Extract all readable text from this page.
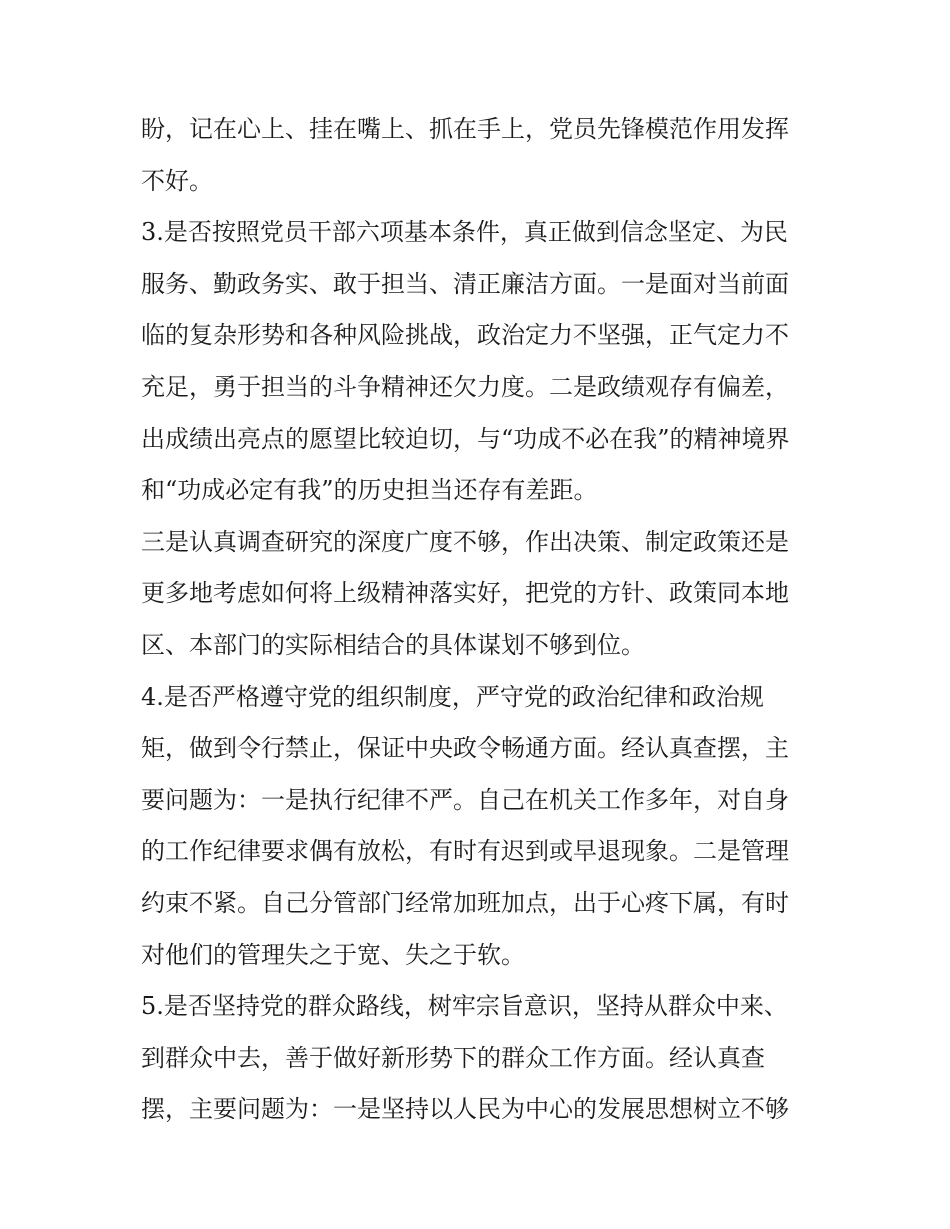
盼，记在心上、挂在嘴上、抓在手上，党员先锋模范作用发挥
不好。
3.是否按照党员干部六项基本条件，真正做到信念坚定、为民
服务、勤政务实、敢于担当、清正廉洁方面。一是面对当前面
临的复杂形势和各种风险挑战，政治定力不坚强，正气定力不
充足，勇于担当的斗争精神还欠力度。二是政绩观存有偏差，
出成绩出亮点的愿望比较迫切，与“功成不必在我”的精神境界
和“功成必定有我”的历史担当还存有差距。
三是认真调查研究的深度广度不够，作出决策、制定政策还是
更多地考虑如何将上级精神落实好，把党的方针、政策同本地
区、本部门的实际相结合的具体谋划不够到位。
4.是否严格遵守党的组织制度，严守党的政治纪律和政治规
矩，做到令行禁止，保证中央政令畅通方面。经认真查摆，主
要问题为：一是执行纪律不严。自己在机关工作多年，对自身
的工作纪律要求偶有放松，有时有迟到或早退现象。二是管理
约束不紧。自己分管部门经常加班加点，出于心疼下属，有时
对他们的管理失之于宽、失之于软。
5.是否坚持党的群众路线，树牢宗旨意识，坚持从群众中来、
到群众中去，善于做好新形势下的群众工作方面。经认真查
摆，主要问题为：一是坚持以人民为中心的发展思想树立不够
